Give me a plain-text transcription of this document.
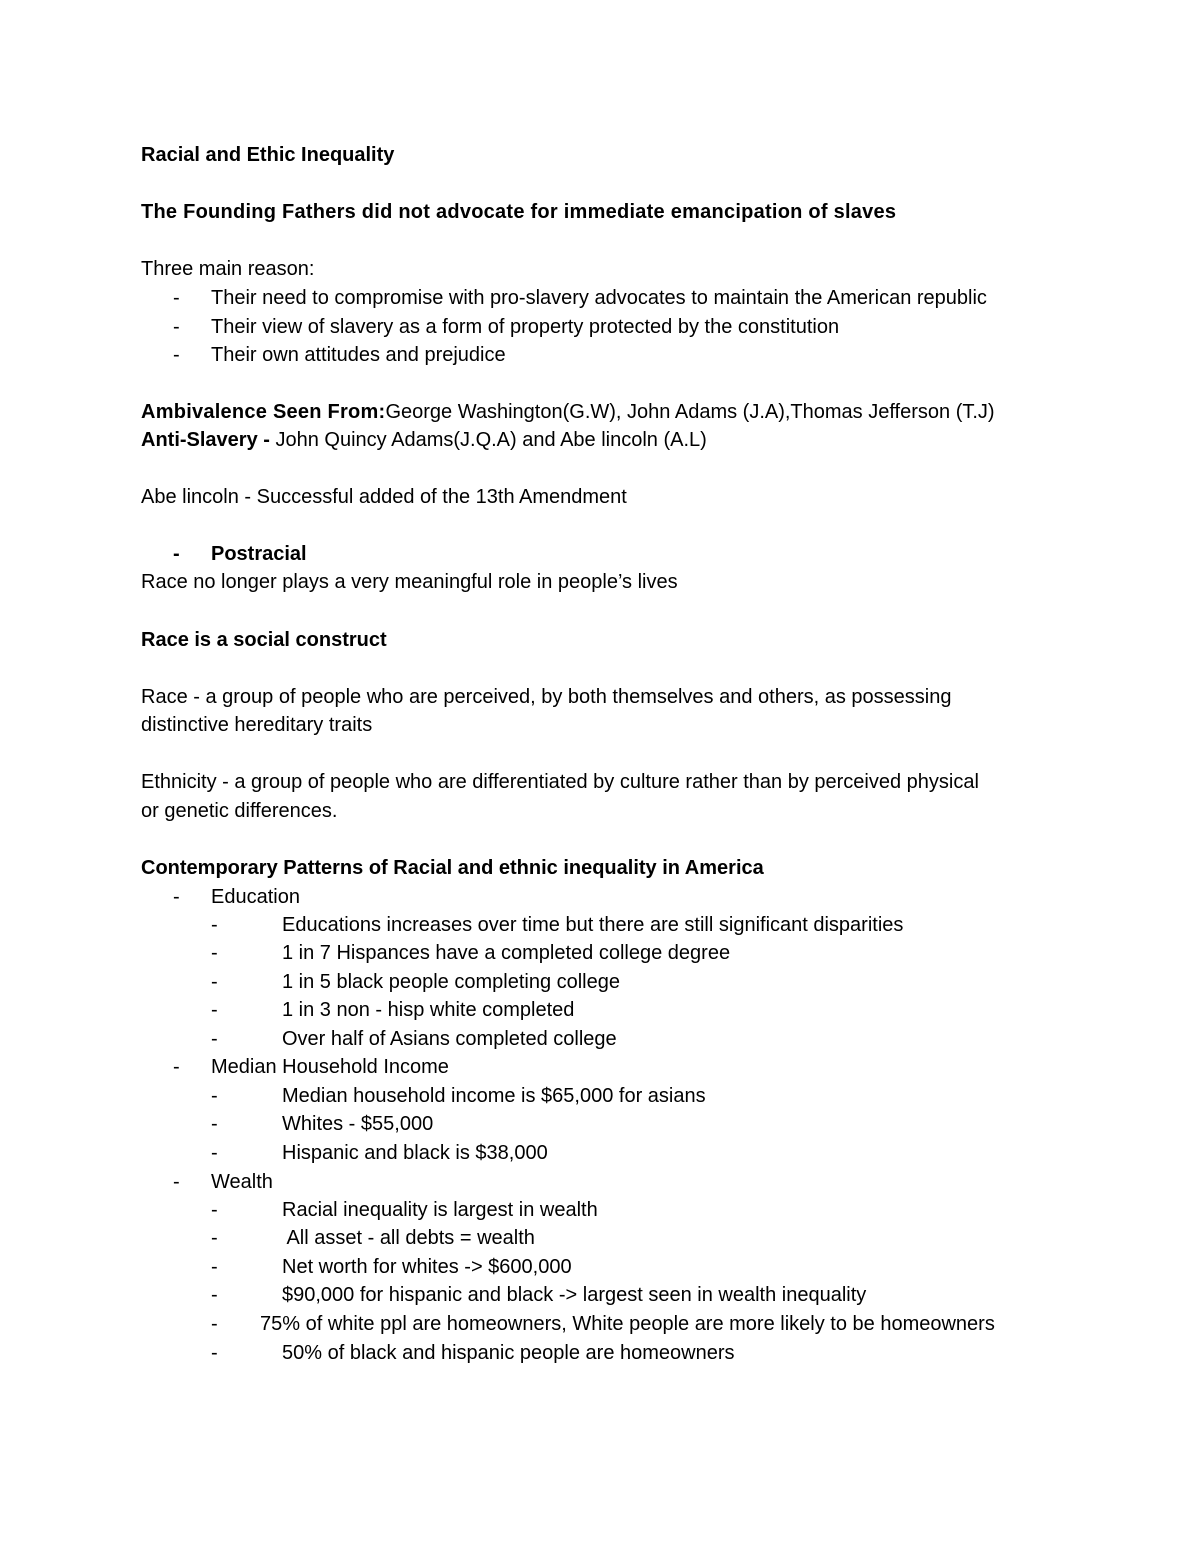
Racial and Ethic Inequality
The Founding Fathers did not advocate for immediate emancipation of slaves
Three main reason:
- Their need to compromise with pro-slavery advocates to maintain the American republic
- Their view of slavery as a form of property protected by the constitution
- Their own attitudes and prejudice
Ambivalence Seen From:George Washington(G.W), John Adams (J.A),Thomas Jefferson (T.J)
Anti-Slavery - John Quincy Adams(J.Q.A) and Abe lincoln (A.L)
Abe lincoln - Successful added of the 13th Amendment
- Postracial
Race no longer plays a very meaningful role in people’s lives
Race is a social construct
Race - a group of people who are perceived, by both themselves and others, as possessing
distinctive hereditary traits
Ethnicity - a group of people who are differentiated by culture rather than by perceived physical
or genetic differences.
Contemporary Patterns of Racial and ethnic inequality in America
- Education
-	Educations increases over time but there are still significant disparities
-	1 in 7 Hispances have a completed college degree
-	1 in 5 black people completing college
-	1 in 3 non - hisp white completed
-	Over half of Asians completed college
- Median Household Income
-	Median household income is $65,000 for asians
-	Whites - $55,000
-	Hispanic and black is $38,000
- Wealth
-	Racial inequality is largest in wealth
-	All asset - all debts = wealth
-	Net worth for whites -> $600,000
-	$90,000 for hispanic and black -> largest seen in wealth inequality
- 75% of white ppl are homeowners, White people are more likely to be homeowners
-	50% of black and hispanic people are homeowners
